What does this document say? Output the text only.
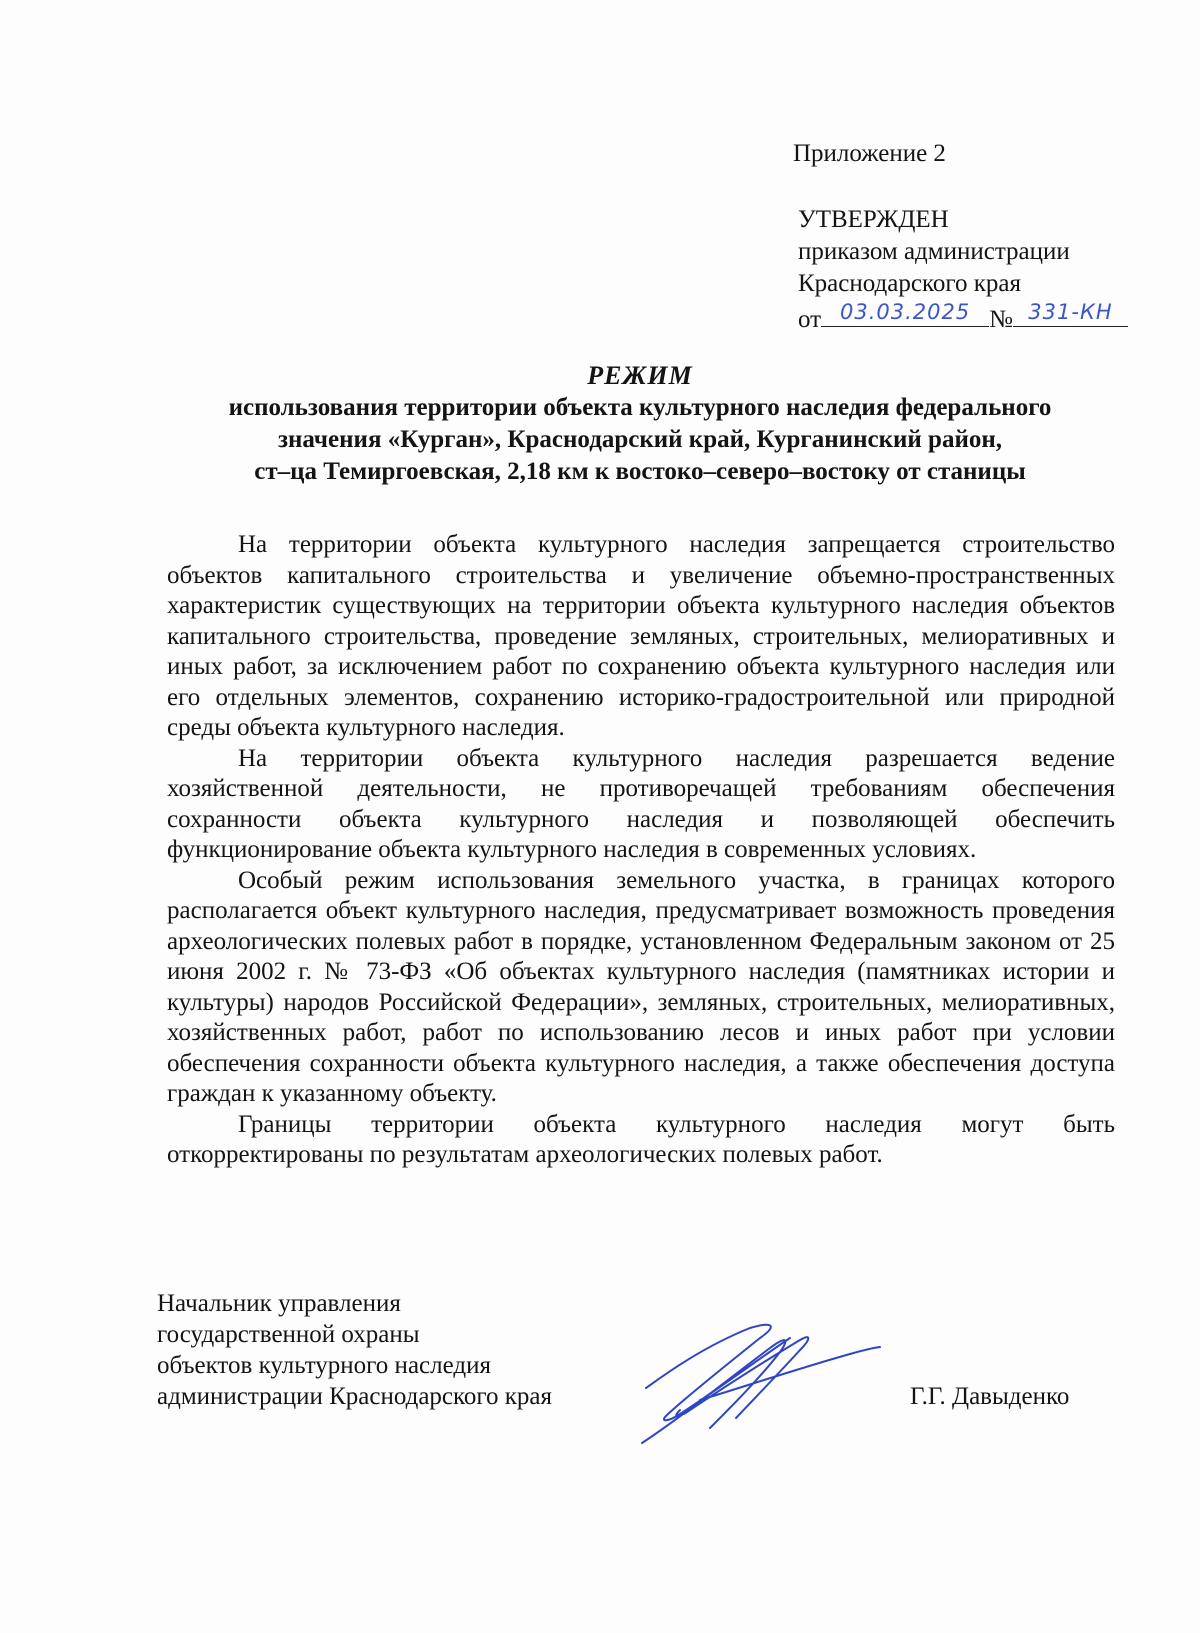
Приложение 2
УТВЕРЖДЕН
приказом администрации
Краснодарского края
от 03.03.2025 № 331-КН
РЕЖИМ
использования территории объекта культурного наследия федерального
значения «Курган», Краснодарский край, Курганинский район,
ст–ца Темиргоевская, 2,18 км к востоко–северо–востоку от станицы

На территории объекта культурного наследия запрещается строительство объектов капитального строительства и увеличение объемно-пространственных характеристик существующих на территории объекта культурного наследия объектов капитального строительства, проведение земляных, строительных, мелиоративных и иных работ, за исключением работ по сохранению объекта культурного наследия или его отдельных элементов, сохранению историко-градостроительной или природной среды объекта культурного наследия.

На территории объекта культурного наследия разрешается ведение хозяйственной деятельности, не противоречащей требованиям обеспечения сохранности объекта культурного наследия и позволяющей обеспечить функционирование объекта культурного наследия в современных условиях.

Особый режим использования земельного участка, в границах которого располагается объект культурного наследия, предусматривает возможность проведения археологических полевых работ в порядке, установленном Федеральным законом от 25 июня 2002 г. № 73-ФЗ «Об объектах культурного наследия (памятниках истории и культуры) народов Российской Федерации», земляных, строительных, мелиоративных, хозяйственных работ, работ по использованию лесов и иных работ при условии обеспечения сохранности объекта культурного наследия, а также обеспечения доступа граждан к указанному объекту.

Границы территории объекта культурного наследия могут быть откорректированы по результатам археологических полевых работ.

Начальник управления
государственной охраны
объектов культурного наследия
администрации Краснодарского края	Г.Г. Давыденко
